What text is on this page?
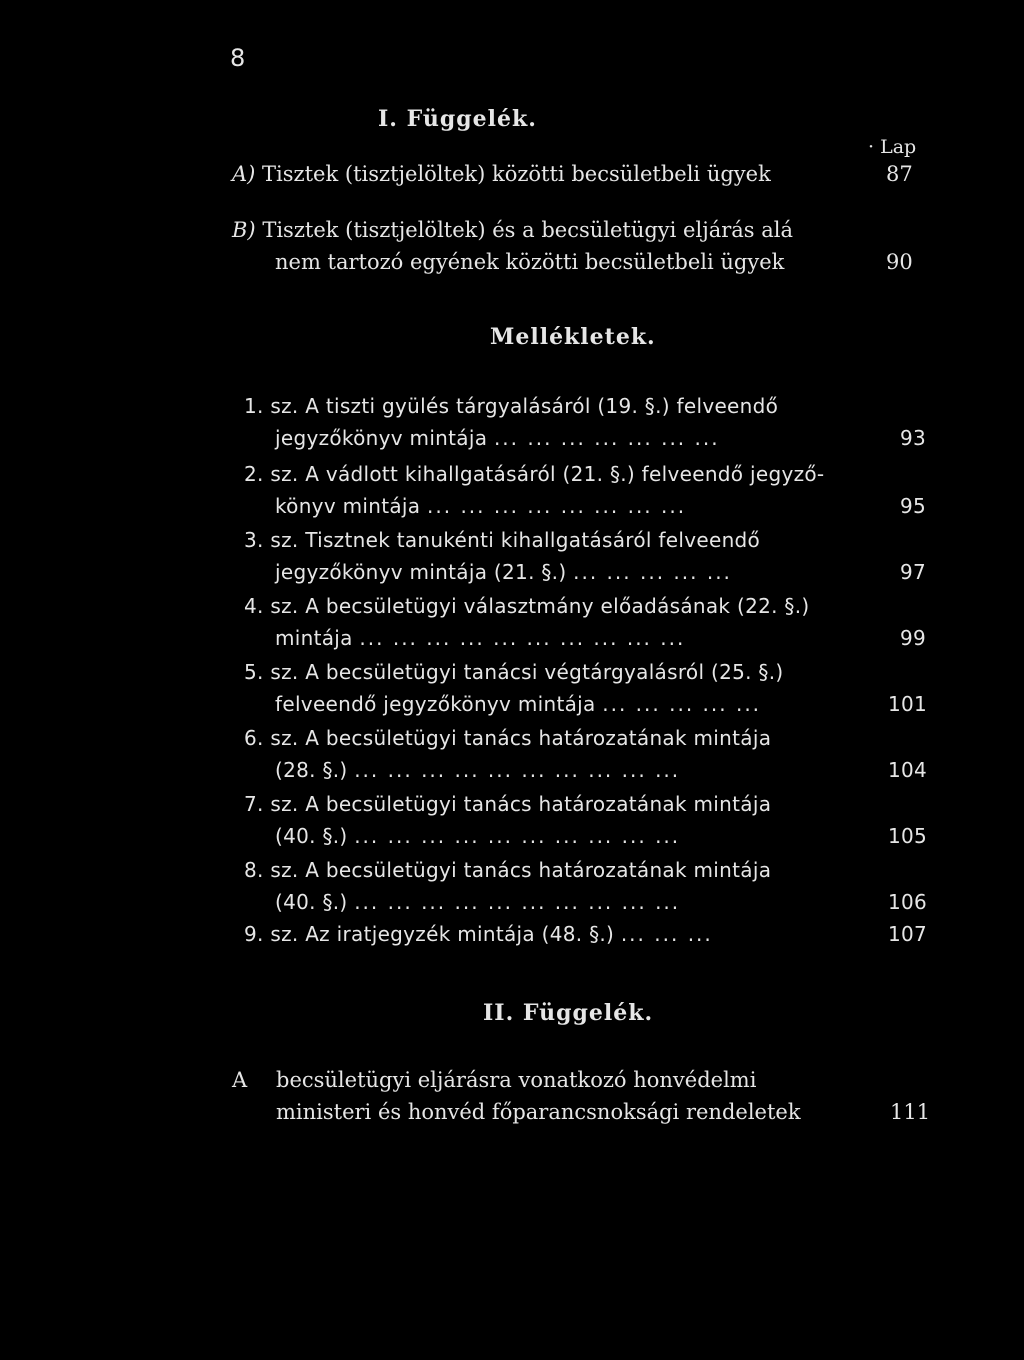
8
I. Függelék.
· Lap
A) Tisztek (tisztjelöltek) közötti becsületbeli ügyek	87
B) Tisztek (tisztjelöltek) és a becsületügyi eljárás alá
nem tartozó egyének közötti becsületbeli ügyek	90
Mellékletek.
1. sz. A tiszti gyülés tárgyalásáról (19. §.) felveendő
jegyzőkönyv mintája ... ... ... ... ... ... ...	93
2. sz. A vádlott kihallgatásáról (21. §.) felveendő jegyző-
könyv mintája ... ... ... ... ... ... ... ...	95
3. sz. Tisztnek tanukénti kihallgatásáról felveendő
jegyzőkönyv mintája (21. §.) ... ... ... ... ...	97
4. sz. A becsületügyi választmány előadásának (22. §.)
mintája ... ... ... ... ... ... ... ... ... ...	99
5. sz. A becsületügyi tanácsi végtárgyalásról (25. §.)
felveendő jegyzőkönyv mintája ... ... ... ... ...	101
6. sz. A becsületügyi tanács határozatának mintája
(28. §.) ... ... ... ... ... ... ... ... ... ...	104
7. sz. A becsületügyi tanács határozatának mintája
(40. §.) ... ... ... ... ... ... ... ... ... ...	105
8. sz. A becsületügyi tanács határozatának mintája
(40. §.) ... ... ... ... ... ... ... ... ... ...	106
9. sz. Az iratjegyzék mintája (48. §.) ... ... ...	107
II. Függelék.
A becsületügyi eljárásra vonatkozó honvédelmi
ministeri és honvéd főparancsnoksági rendeletek	111
